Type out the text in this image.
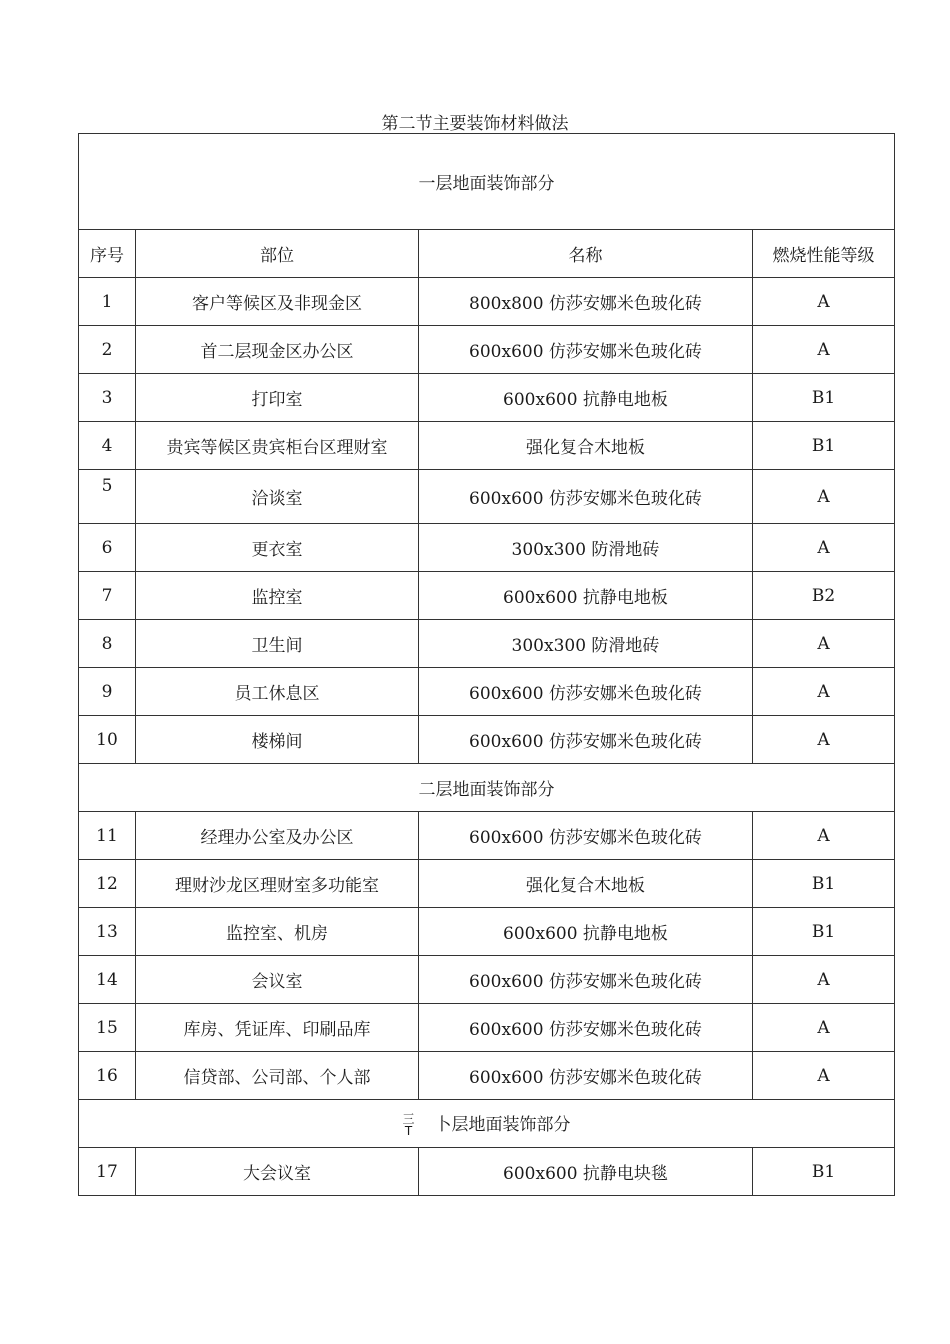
第二节主要装饰材料做法
一层地面装饰部分			
序号	部位	名称	燃烧性能等级
1	客户等候区及非现金区	800x800 仿莎安娜米色玻化砖	A
2	首二层现金区办公区	600x600 仿莎安娜米色玻化砖	A
3	打印室	600x600 抗静电地板	B1
4	贵宾等候区贵宾柜台区理财室	强化复合木地板	B1
5	洽谈室	600x600 仿莎安娜米色玻化砖	A
6	更衣室	300x300 防滑地砖	A
7	监控室	600x600 抗静电地板	B2
8	卫生间	300x300 防滑地砖	A
9	员工休息区	600x600 仿莎安娜米色玻化砖	A
10	楼梯间	600x600 仿莎安娜米色玻化砖	A
二层地面装饰部分			
11	经理办公室及办公区	600x600 仿莎安娜米色玻化砖	A
12	理财沙龙区理财室多功能室	强化复合木地板	B1
13	监控室、机房	600x600 抗静电地板	B1
14	会议室	600x600 仿莎安娜米色玻化砖	A
15	库房、凭证库、印刷品库	600x600 仿莎安娜米色玻化砖	A
16	信贷部、公司部、个人部	600x600 仿莎安娜米色玻化砖	A

三
T 卜层地面装饰部分			
17	大会议室	600x600 抗静电块毯	B1
